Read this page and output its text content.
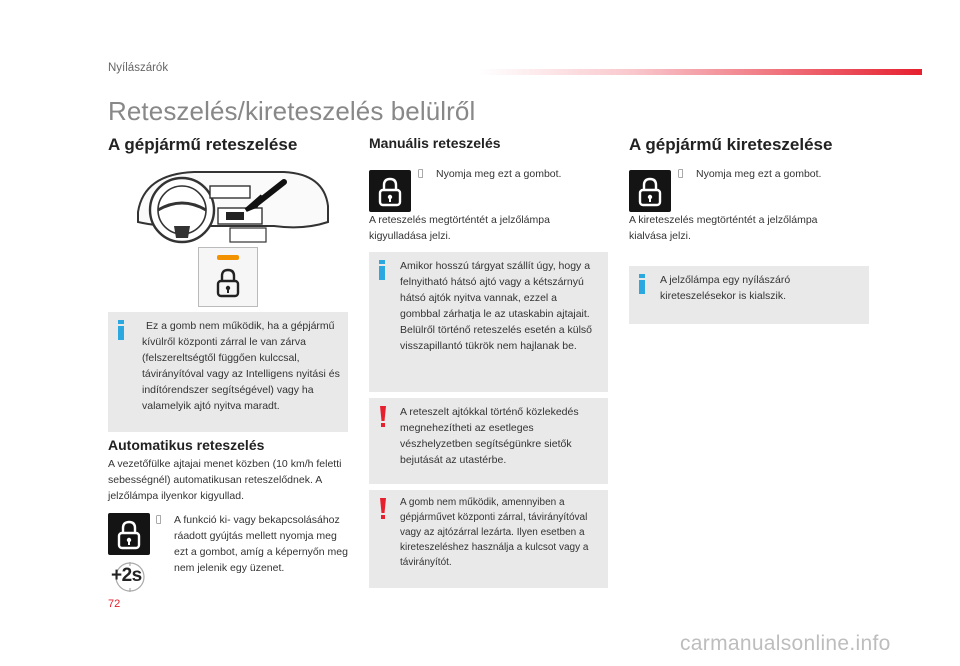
Nyílászárók
Reteszelés/kireteszelés belülről
A gépjármű reteszelése
Ez a gomb nem működik, ha a gépjármű kívülről központi zárral le van zárva (felszereltségtől függően kulccsal, távirányítóval vagy az Intelligens nyitási és indítórendszer segítségével) vagy ha valamelyik ajtó nyitva maradt.
Automatikus reteszelés
A vezetőfülke ajtajai menet közben (10 km/h feletti sebességnél) automatikusan reteszelődnek. A jelzőlámpa ilyenkor kigyullad.
+2s
A funkció ki- vagy bekapcsolásához ráadott gyújtás mellett nyomja meg ezt a gombot, amíg a képernyőn meg nem jelenik egy üzenet.
Manuális reteszelés
Nyomja meg ezt a gombot.
A reteszelés megtörténtét a jelzőlámpa kigyulladása jelzi.
Amikor hosszú tárgyat szállít úgy, hogy a felnyitható hátsó ajtó vagy a kétszárnyú hátsó ajtók nyitva vannak, ezzel a gombbal zárhatja le az utaskabin ajtajait.
Belülről történő reteszelés esetén a külső visszapillantó tükrök nem hajlanak be.
A reteszelt ajtókkal történő közlekedés megnehezítheti az esetleges vészhelyzetben segítségünkre sietők bejutását az utastérbe.
A gomb nem működik, amennyiben a gépjárművet központi zárral, távirányítóval vagy az ajtózárral lezárta. Ilyen esetben a kireteszeléshez használja a kulcsot vagy a távirányítót.
A gépjármű kireteszelése
Nyomja meg ezt a gombot.
A kireteszelés megtörténtét a jelzőlámpa kialvása jelzi.
A jelzőlámpa egy nyílászáró kireteszelésekor is kialszik.
72
carmanualsonline.info
